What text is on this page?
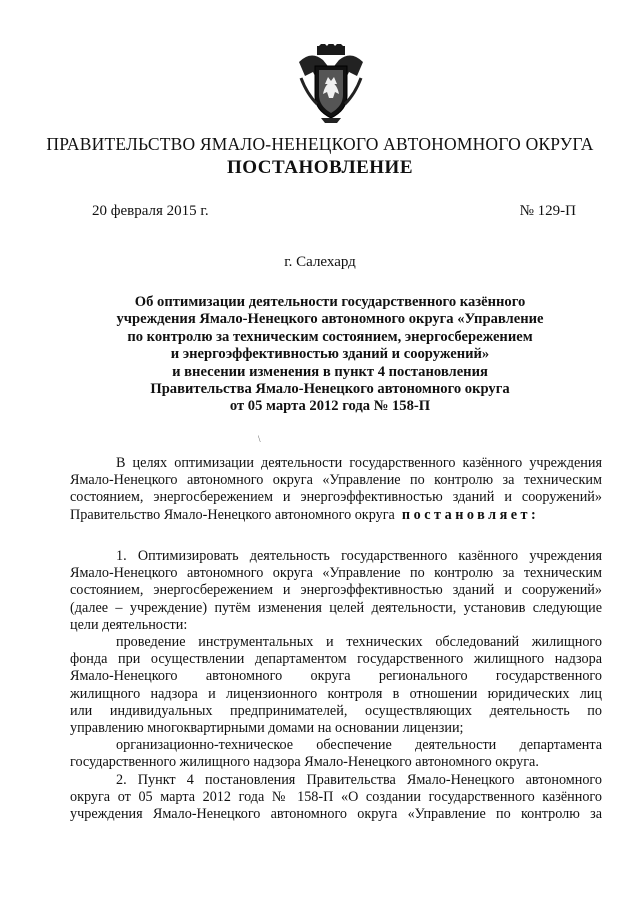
ПРАВИТЕЛЬСТВО ЯМАЛО-НЕНЕЦКОГО АВТОНОМНОГО ОКРУГА
ПОСТАНОВЛЕНИЕ
20 февраля 2015 г.	№ 129-П
г. Салехард
Об оптимизации деятельности государственного казённого
учреждения Ямало-Ненецкого автономного округа «Управление
по контролю за техническим состоянием, энергосбережением
и энергоэффективностью зданий и сооружений»
и внесении изменения в пункт 4 постановления
Правительства Ямало-Ненецкого автономного округа
от 05 марта 2012 года № 158-П
\
В целях оптимизации деятельности государственного казённого учреждения
Ямало-Ненецкого автономного округа «Управление по контролю за техническим
состоянием, энергосбережением и энергоэффективностью зданий и сооружений»
Правительство Ямало-Ненецкого автономного округа постановляет:
1. Оптимизировать деятельность государственного казённого учреждения
Ямало-Ненецкого автономного округа «Управление по контролю за техническим
состоянием, энергосбережением и энергоэффективностью зданий и сооружений»
(далее – учреждение) путём изменения целей деятельности, установив следующие
цели деятельности:
проведение инструментальных и технических обследований жилищного
фонда при осуществлении департаментом государственного жилищного надзора
Ямало-Ненецкого автономного округа регионального государственного
жилищного надзора и лицензионного контроля в отношении юридических лиц
или индивидуальных предпринимателей, осуществляющих деятельность по
управлению многоквартирными домами на основании лицензии;
организационно-техническое обеспечение деятельности департамента
государственного жилищного надзора Ямало-Ненецкого автономного округа.
2. Пункт 4 постановления Правительства Ямало-Ненецкого автономного
округа от 05 марта 2012 года № 158-П «О создании государственного казённого
учреждения Ямало-Ненецкого автономного округа «Управление по контролю за
